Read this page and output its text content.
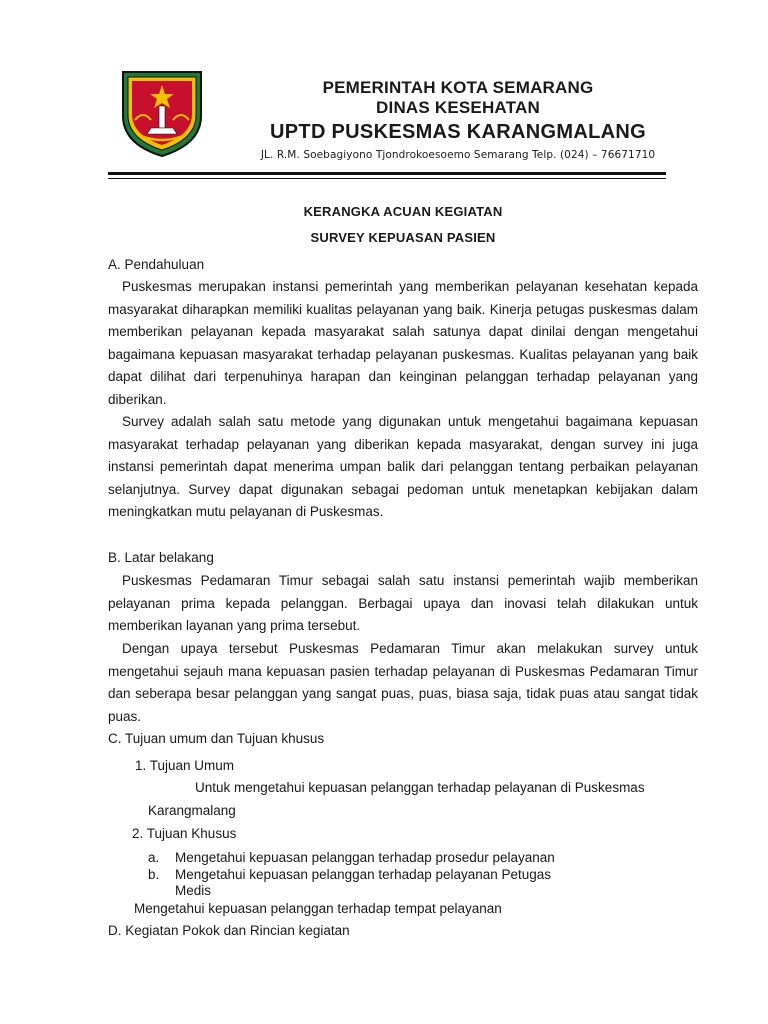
PEMERINTAH KOTA SEMARANG
DINAS KESEHATAN
UPTD PUSKESMAS KARANGMALANG
JL. R.M. Soebagiyono Tjondrokoesoemo Semarang Telp. (024) – 76671710
KERANGKA ACUAN KEGIATAN
SURVEY KEPUASAN PASIEN
A. Pendahuluan
Puskesmas merupakan instansi pemerintah yang memberikan pelayanan kesehatan kepada masyarakat diharapkan memiliki kualitas pelayanan yang baik. Kinerja petugas puskesmas dalam memberikan pelayanan kepada masyarakat salah satunya dapat dinilai dengan mengetahui bagaimana kepuasan masyarakat terhadap pelayanan puskesmas. Kualitas pelayanan yang baik dapat dilihat dari terpenuhinya harapan dan keinginan pelanggan terhadap pelayanan yang diberikan.
Survey adalah salah satu metode yang digunakan untuk mengetahui bagaimana kepuasan masyarakat terhadap pelayanan yang diberikan kepada masyarakat, dengan survey ini juga instansi pemerintah dapat menerima umpan balik dari pelanggan tentang perbaikan pelayanan selanjutnya. Survey dapat digunakan sebagai pedoman untuk menetapkan kebijakan dalam meningkatkan mutu pelayanan di Puskesmas.
B. Latar belakang
Puskesmas Pedamaran Timur sebagai salah satu instansi pemerintah wajib memberikan pelayanan prima kepada pelanggan. Berbagai upaya dan inovasi telah dilakukan untuk memberikan layanan yang prima tersebut.
Dengan upaya tersebut Puskesmas Pedamaran Timur akan melakukan survey untuk mengetahui sejauh mana kepuasan pasien terhadap pelayanan di Puskesmas Pedamaran Timur dan seberapa besar pelanggan yang sangat puas, puas, biasa saja, tidak puas atau sangat tidak puas.
C. Tujuan umum dan Tujuan khusus
1. Tujuan Umum
Untuk mengetahui kepuasan pelanggan terhadap pelayanan di Puskesmas
Karangmalang
2. Tujuan Khusus
a. Mengetahui kepuasan pelanggan terhadap prosedur pelayanan
b. Mengetahui kepuasan pelanggan terhadap pelayanan Petugas
Medis
Mengetahui kepuasan pelanggan terhadap tempat pelayanan
D. Kegiatan Pokok dan Rincian kegiatan
